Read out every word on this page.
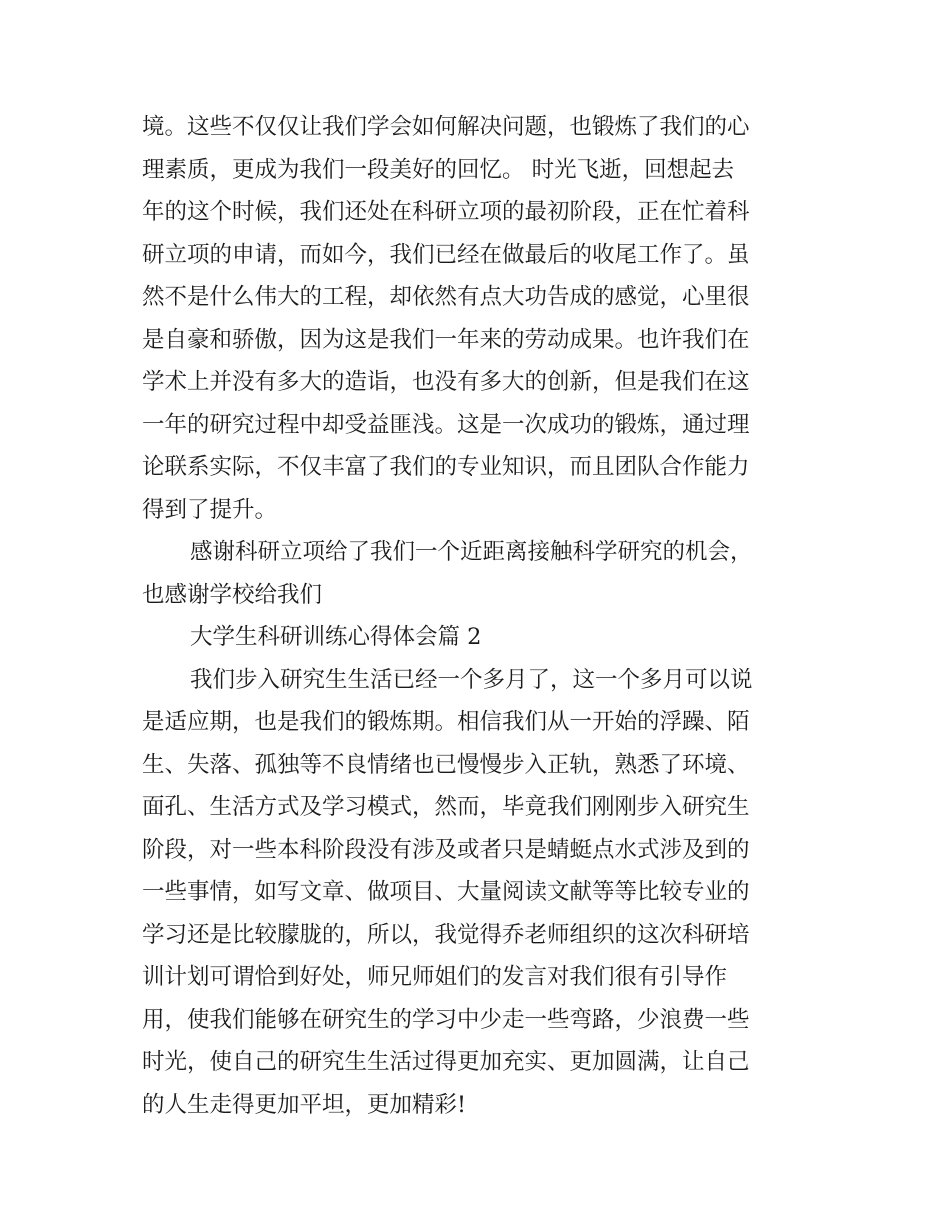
境。这些不仅仅让我们学会如何解决问题，也锻炼了我们的心
理素质，更成为我们一段美好的回忆。 时光飞逝，回想起去
年的这个时候，我们还处在科研立项的最初阶段，正在忙着科
研立项的申请，而如今，我们已经在做最后的收尾工作了。虽
然不是什么伟大的工程，却依然有点大功告成的感觉，心里很
是自豪和骄傲，因为这是我们一年来的劳动成果。也许我们在
学术上并没有多大的造诣，也没有多大的创新，但是我们在这
一年的研究过程中却受益匪浅。这是一次成功的锻炼，通过理
论联系实际，不仅丰富了我们的专业知识，而且团队合作能力
得到了提升。
感谢科研立项给了我们一个近距离接触科学研究的机会，
也感谢学校给我们
大学生科研训练心得体会篇 2
我们步入研究生生活已经一个多月了，这一个多月可以说
是适应期，也是我们的锻炼期。相信我们从一开始的浮躁、陌
生、失落、孤独等不良情绪也已慢慢步入正轨，熟悉了环境、
面孔、生活方式及学习模式，然而，毕竟我们刚刚步入研究生
阶段，对一些本科阶段没有涉及或者只是蜻蜓点水式涉及到的
一些事情，如写文章、做项目、大量阅读文献等等比较专业的
学习还是比较朦胧的，所以，我觉得乔老师组织的这次科研培
训计划可谓恰到好处，师兄师姐们的发言对我们很有引导作
用，使我们能够在研究生的学习中少走一些弯路，少浪费一些
时光，使自己的研究生生活过得更加充实、更加圆满，让自己
的人生走得更加平坦，更加精彩!
